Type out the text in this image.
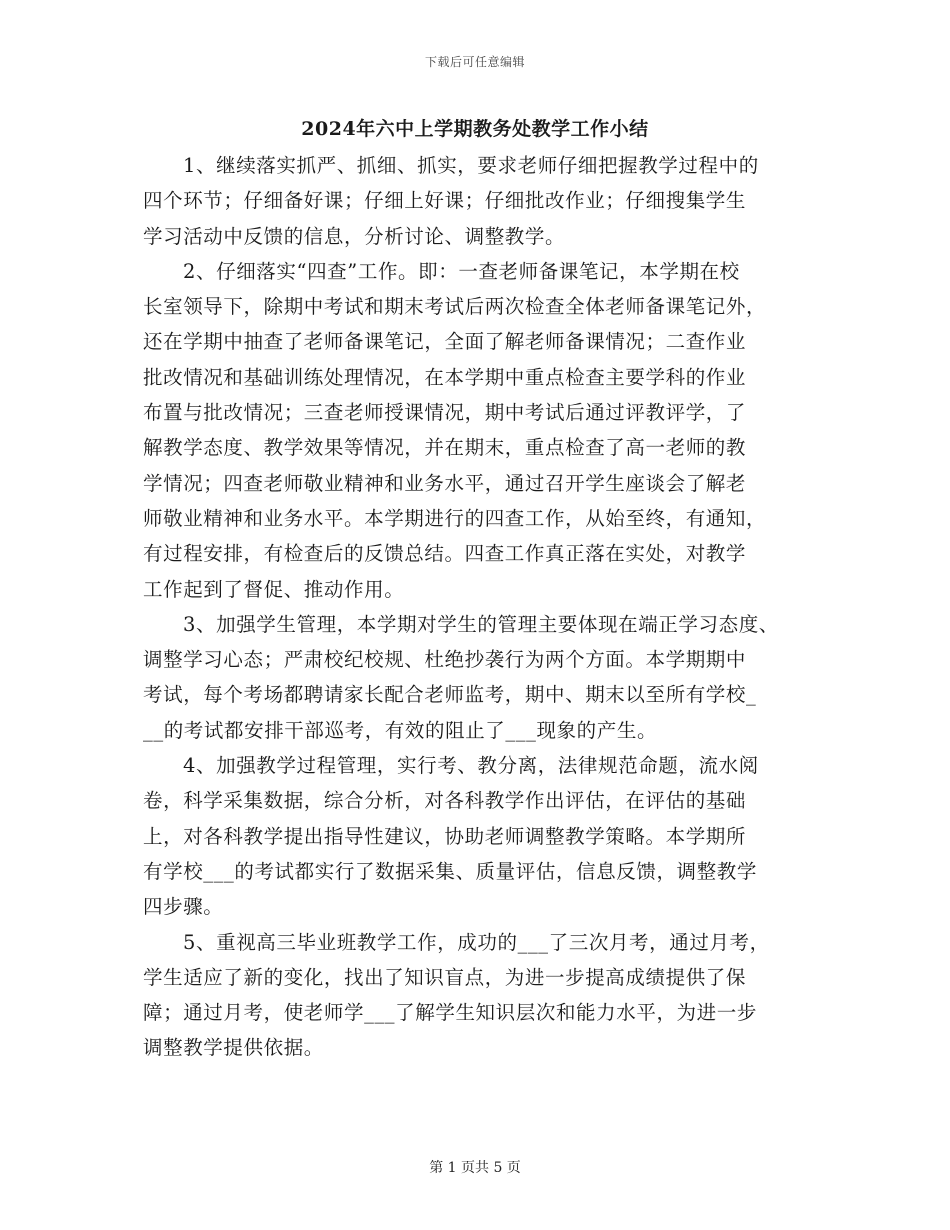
下载后可任意编辑
2024年六中上学期教务处教学工作小结
1、继续落实抓严、抓细、抓实，要求老师仔细把握教学过程中的
四个环节；仔细备好课；仔细上好课；仔细批改作业；仔细搜集学生
学习活动中反馈的信息，分析讨论、调整教学。
2、仔细落实“四查”工作。即：一查老师备课笔记，本学期在校
长室领导下，除期中考试和期末考试后两次检查全体老师备课笔记外，
还在学期中抽查了老师备课笔记，全面了解老师备课情况；二查作业
批改情况和基础训练处理情况，在本学期中重点检查主要学科的作业
布置与批改情况；三查老师授课情况，期中考试后通过评教评学，了
解教学态度、教学效果等情况，并在期末，重点检查了高一老师的教
学情况；四查老师敬业精神和业务水平，通过召开学生座谈会了解老
师敬业精神和业务水平。本学期进行的四查工作，从始至终，有通知，
有过程安排，有检查后的反馈总结。四查工作真正落在实处，对教学
工作起到了督促、推动作用。
3、加强学生管理，本学期对学生的管理主要体现在端正学习态度、
调整学习心态；严肃校纪校规、杜绝抄袭行为两个方面。本学期期中
考试，每个考场都聘请家长配合老师监考，期中、期末以至所有学校_
__的考试都安排干部巡考，有效的阻止了___现象的产生。
4、加强教学过程管理，实行考、教分离，法律规范命题，流水阅
卷，科学采集数据，综合分析，对各科教学作出评估，在评估的基础
上，对各科教学提出指导性建议，协助老师调整教学策略。本学期所
有学校___的考试都实行了数据采集、质量评估，信息反馈，调整教学
四步骤。
5、重视高三毕业班教学工作，成功的___了三次月考，通过月考，
学生适应了新的变化，找出了知识盲点，为进一步提高成绩提供了保
障；通过月考，使老师学___了解学生知识层次和能力水平，为进一步
调整教学提供依据。
第 1 页共 5 页
